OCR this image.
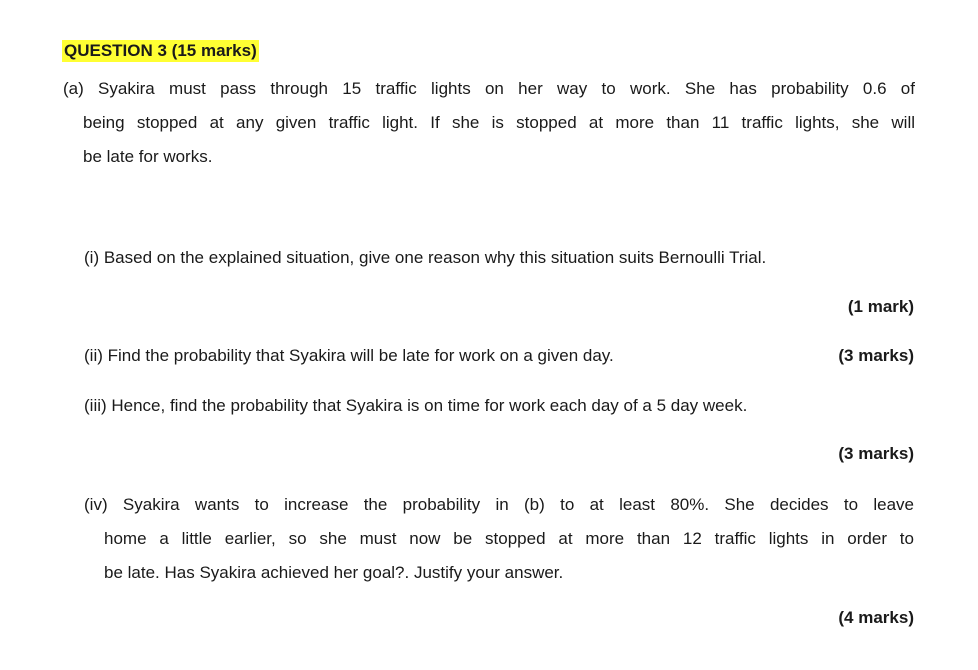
QUESTION 3 (15 marks)
(a) Syakira must pass through 15 traffic lights on her way to work. She has probability 0.6 of
being stopped at any given traffic light. If she is stopped at more than 11 traffic lights, she will
be late for works.
(i) Based on the explained situation, give one reason why this situation suits Bernoulli Trial.
(1 mark)
(ii) Find the probability that Syakira will be late for work on a given day.	(3 marks)
(iii) Hence, find the probability that Syakira is on time for work each day of a 5 day week.
(3 marks)
(iv) Syakira wants to increase the probability in (b) to at least 80%. She decides to leave
home a little earlier, so she must now be stopped at more than 12 traffic lights in order to
be late. Has Syakira achieved her goal?. Justify your answer.
(4 marks)
